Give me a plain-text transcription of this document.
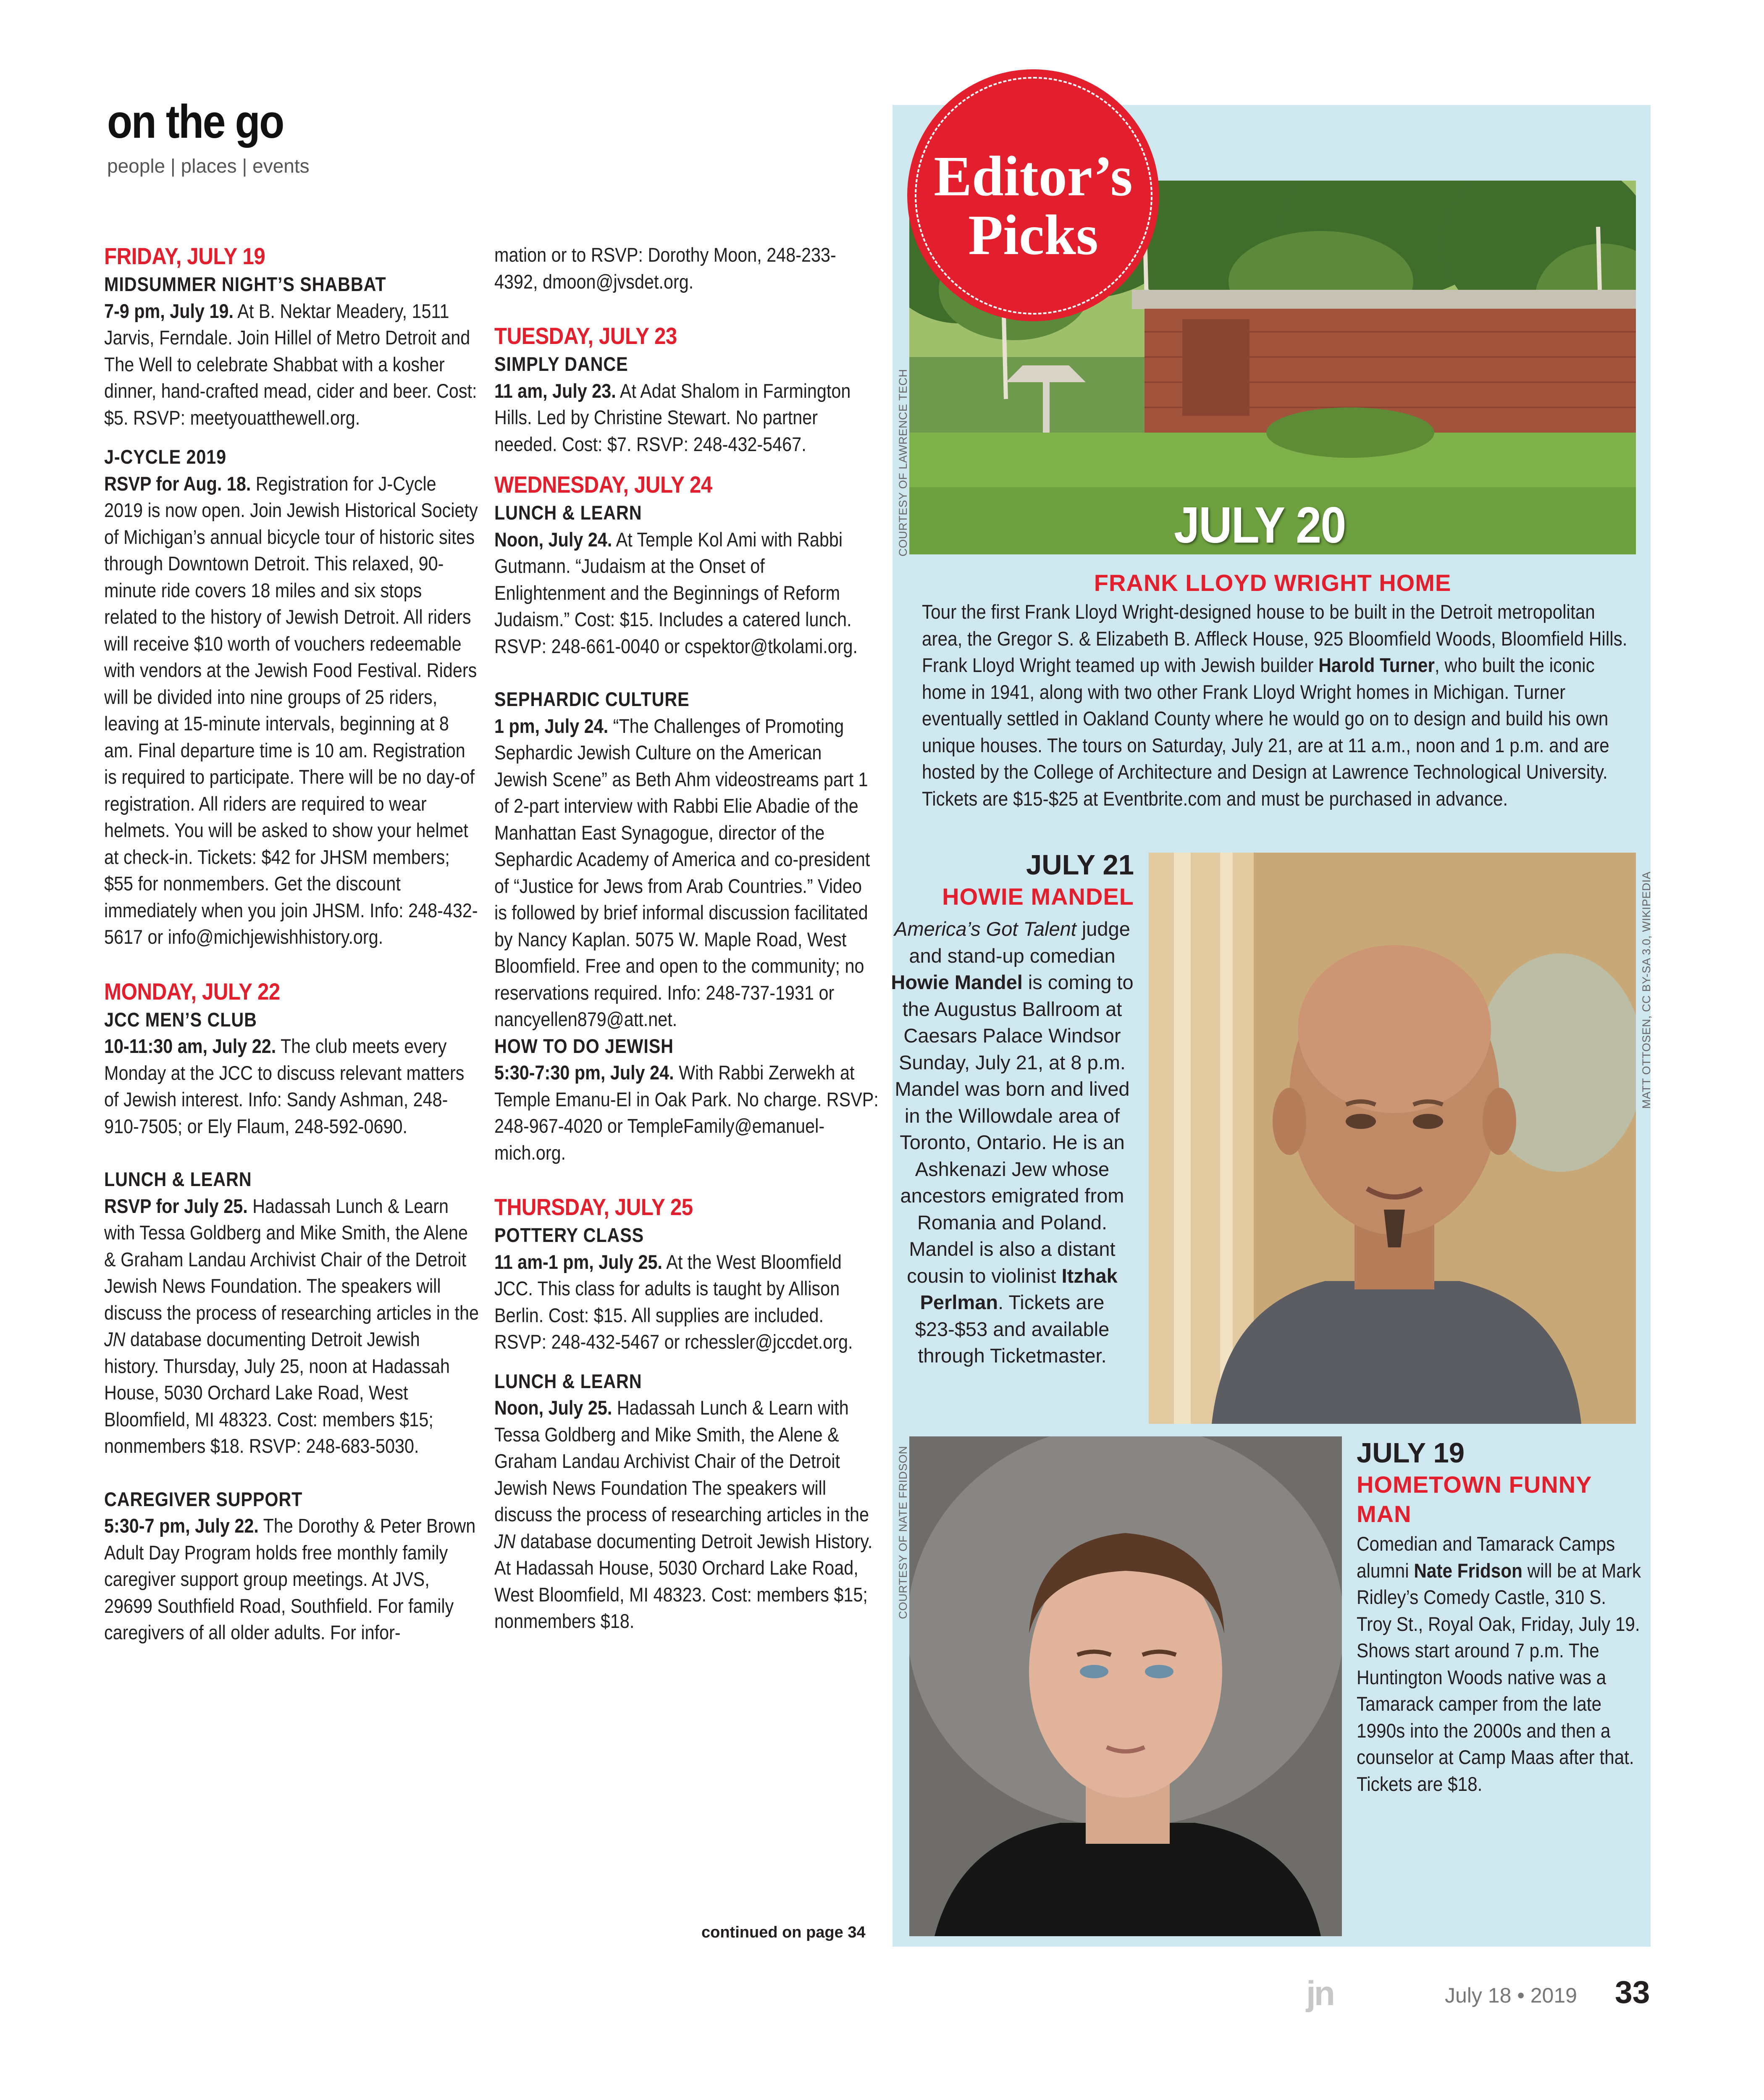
on the go
people | places | events

FRIDAY, JULY 19

MIDSUMMER NIGHT’S SHABBAT

7-9 pm, July 19. At B. Nektar Meadery, 1511 Jarvis, Ferndale. Join Hillel of Metro Detroit and The Well to celebrate Shabbat with a kosher dinner, hand-crafted mead, cider and beer. Cost: $5. RSVP: meetyouatthewell.org.

J-CYCLE 2019

RSVP for Aug. 18. Registration for J-Cycle 2019 is now open. Join Jewish Historical Society of Michigan’s annual bicycle tour of historic sites through Downtown Detroit. This relaxed, 90-minute ride covers 18 miles and six stops related to the history of Jewish Detroit. All riders will receive $10 worth of vouchers redeemable with vendors at the Jewish Food Festival. Riders will be divided into nine groups of 25 riders, leaving at 15-minute intervals, beginning at 8 am. Final departure time is 10 am. Registration is required to participate. There will be no day-of registration. All riders are required to wear helmets. You will be asked to show your helmet at check-in. Tickets: $42 for JHSM members; $55 for nonmembers. Get the discount immediately when you join JHSM. Info: 248-432-5617 or info@michjewishhistory.org.

MONDAY, JULY 22

JCC MEN’S CLUB

10-11:30 am, July 22. The club meets every Monday at the JCC to discuss relevant matters of Jewish interest. Info: Sandy Ashman, 248-910-7505; or Ely Flaum, 248-592-0690.

LUNCH & LEARN

RSVP for July 25. Hadassah Lunch & Learn with Tessa Goldberg and Mike Smith, the Alene & Graham Landau Archivist Chair of the Detroit Jewish News Foundation. The speakers will discuss the process of researching articles in the JN database documenting Detroit Jewish history. Thursday, July 25, noon at Hadassah House, 5030 Orchard Lake Road, West Bloomfield, MI 48323. Cost: members $15; nonmembers $18. RSVP: 248-683-5030.

CAREGIVER SUPPORT

5:30-7 pm, July 22. The Dorothy & Peter Brown Adult Day Program holds free monthly family caregiver support group meetings. At JVS, 29699 Southfield Road, Southfield. For family caregivers of all older adults. For infor-

mation or to RSVP: Dorothy Moon, 248-233-4392, dmoon@jvsdet.org.

TUESDAY, JULY 23

SIMPLY DANCE

11 am, July 23. At Adat Shalom in Farmington Hills. Led by Christine Stewart. No partner needed. Cost: $7. RSVP: 248-432-5467.

WEDNESDAY, JULY 24

LUNCH & LEARN

Noon, July 24. At Temple Kol Ami with Rabbi Gutmann. “Judaism at the Onset of Enlightenment and the Beginnings of Reform Judaism.” Cost: $15. Includes a catered lunch. RSVP: 248-661-0040 or cspektor@tkolami.org.

SEPHARDIC CULTURE

1 pm, July 24. “The Challenges of Promoting Sephardic Jewish Culture on the American Jewish Scene” as Beth Ahm videostreams part 1 of 2-part interview with Rabbi Elie Abadie of the Manhattan East Synagogue, director of the Sephardic Academy of America and co-president of “Justice for Jews from Arab Countries.” Video is followed by brief informal discussion facilitated by Nancy Kaplan. 5075 W. Maple Road, West Bloomfield. Free and open to the community; no reservations required. Info: 248-737-1931 or nancyellen879@att.net.

HOW TO DO JEWISH

5:30-7:30 pm, July 24. With Rabbi Zerwekh at Temple Emanu-El in Oak Park. No charge. RSVP: 248-967-4020 or TempleFamily@emanuel-mich.org.

THURSDAY, JULY 25

POTTERY CLASS

11 am-1 pm, July 25. At the West Bloomfield JCC. This class for adults is taught by Allison Berlin. Cost: $15. All supplies are included. RSVP: 248-432-5467 or rchessler@jccdet.org.

LUNCH & LEARN

Noon, July 25. Hadassah Lunch & Learn with Tessa Goldberg and Mike Smith, the Alene & Graham Landau Archivist Chair of the Detroit Jewish News Foundation The speakers will discuss the process of researching articles in the JN database documenting Detroit Jewish History. At Hadassah House, 5030 Orchard Lake Road, West Bloomfield, MI 48323. Cost: members $15; nonmembers $18.

continued on page 34
JULY 20
Editor’s
Picks
COURTESY OF LAWRENCE TECH
MATT OTTOSEN, CC BY-SA 3.0, WIKIPEDIA
COURTESY OF NATE FRIDSON
FRANK LLOYD WRIGHT HOME

Tour the first Frank Lloyd Wright-designed house to be built in the Detroit metropolitan area, the Gregor S. & Elizabeth B. Affleck House, 925 Bloomfield Woods, Bloomfield Hills. Frank Lloyd Wright teamed up with Jewish builder Harold Turner, who built the iconic home in 1941, along with two other Frank Lloyd Wright homes in Michigan. Turner eventually settled in Oakland County where he would go on to design and build his own unique houses. The tours on Saturday, July 21, are at 11 a.m., noon and 1 p.m. and are hosted by the College of Architecture and Design at Lawrence Technological University. Tickets are $15-$25 at Eventbrite.com and must be purchased in advance.

JULY 21
HOWIE MANDEL

America’s Got Talent judge and stand-up comedian Howie Mandel is coming to the Augustus Ballroom at Caesars Palace Windsor Sunday, July 21, at 8 p.m. Mandel was born and lived in the Willowdale area of Toronto, Ontario. He is an Ashkenazi Jew whose ancestors emigrated from Romania and Poland. Mandel is also a distant cousin to violinist Itzhak Perlman. Tickets are $23-$53 and available through Ticketmaster.

JULY 19
HOMETOWN FUNNY MAN

Comedian and Tamarack Camps alumni Nate Fridson will be at Mark Ridley’s Comedy Castle, 310 S. Troy St., Royal Oak, Friday, July 19. Shows start around 7 p.m. The Huntington Woods native was a Tamarack camper from the late 1990s into the 2000s and then a counselor at Camp Maas after that. Tickets are $18.

jn	July 18 • 2019 33
